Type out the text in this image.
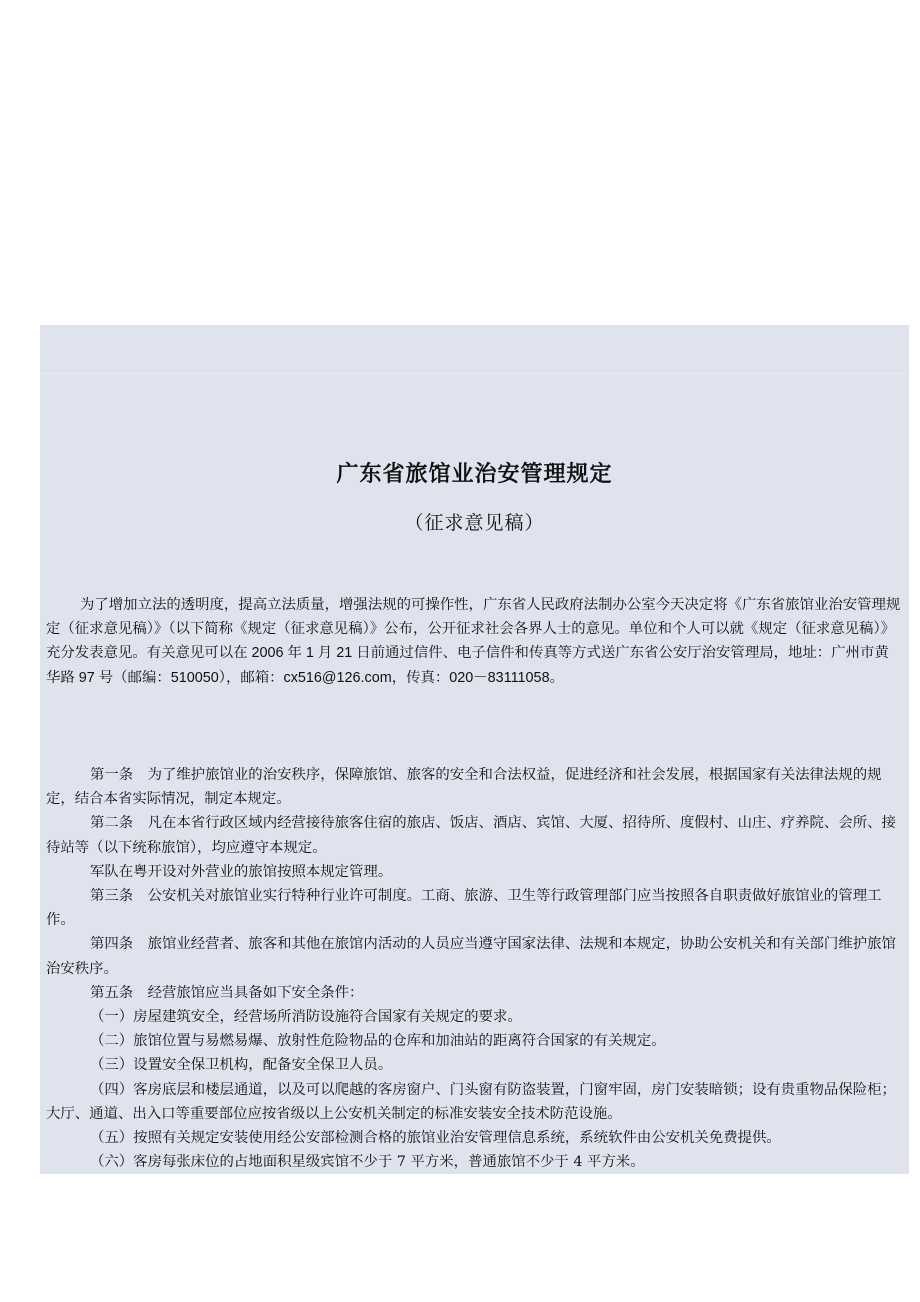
广东省旅馆业治安管理规定
（征求意见稿）

为了增加立法的透明度，提高立法质量，增强法规的可操作性，广东省人民政府法制办公室今天决定将《广东省旅馆业治安管理规定（征求意见稿）》（以下简称《规定（征求意见稿）》公布，公开征求社会各界人士的意见。单位和个人可以就《规定（征求意见稿）》充分发表意见。有关意见可以在 2006 年 1 月 21 日前通过信件、电子信件和传真等方式送广东省公安厅治安管理局，地址：广州市黄华路 97 号（邮编：510050），邮箱：cx516@126.com，传真：020－83111058。

第一条　为了维护旅馆业的治安秩序，保障旅馆、旅客的安全和合法权益，促进经济和社会发展，根据国家有关法律法规的规定，结合本省实际情况，制定本规定。

第二条　凡在本省行政区域内经营接待旅客住宿的旅店、饭店、酒店、宾馆、大厦、招待所、度假村、山庄、疗养院、会所、接待站等（以下统称旅馆），均应遵守本规定。

军队在粤开设对外营业的旅馆按照本规定管理。

第三条　公安机关对旅馆业实行特种行业许可制度。工商、旅游、卫生等行政管理部门应当按照各自职责做好旅馆业的管理工作。

第四条　旅馆业经营者、旅客和其他在旅馆内活动的人员应当遵守国家法律、法规和本规定，协助公安机关和有关部门维护旅馆治安秩序。

第五条　经营旅馆应当具备如下安全条件：

（一）房屋建筑安全，经营场所消防设施符合国家有关规定的要求。

（二）旅馆位置与易燃易爆、放射性危险物品的仓库和加油站的距离符合国家的有关规定。

（三）设置安全保卫机构，配备安全保卫人员。

（四）客房底层和楼层通道，以及可以爬越的客房窗户、门头窗有防盗装置，门窗牢固，房门安装暗锁；设有贵重物品保险柜；大厅、通道、出入口等重要部位应按省级以上公安机关制定的标准安装安全技术防范设施。

（五）按照有关规定安装使用经公安部检测合格的旅馆业治安管理信息系统，系统软件由公安机关免费提供。

（六）客房每张床位的占地面积星级宾馆不少于 7 平方米，普通旅馆不少于 4 平方米。
